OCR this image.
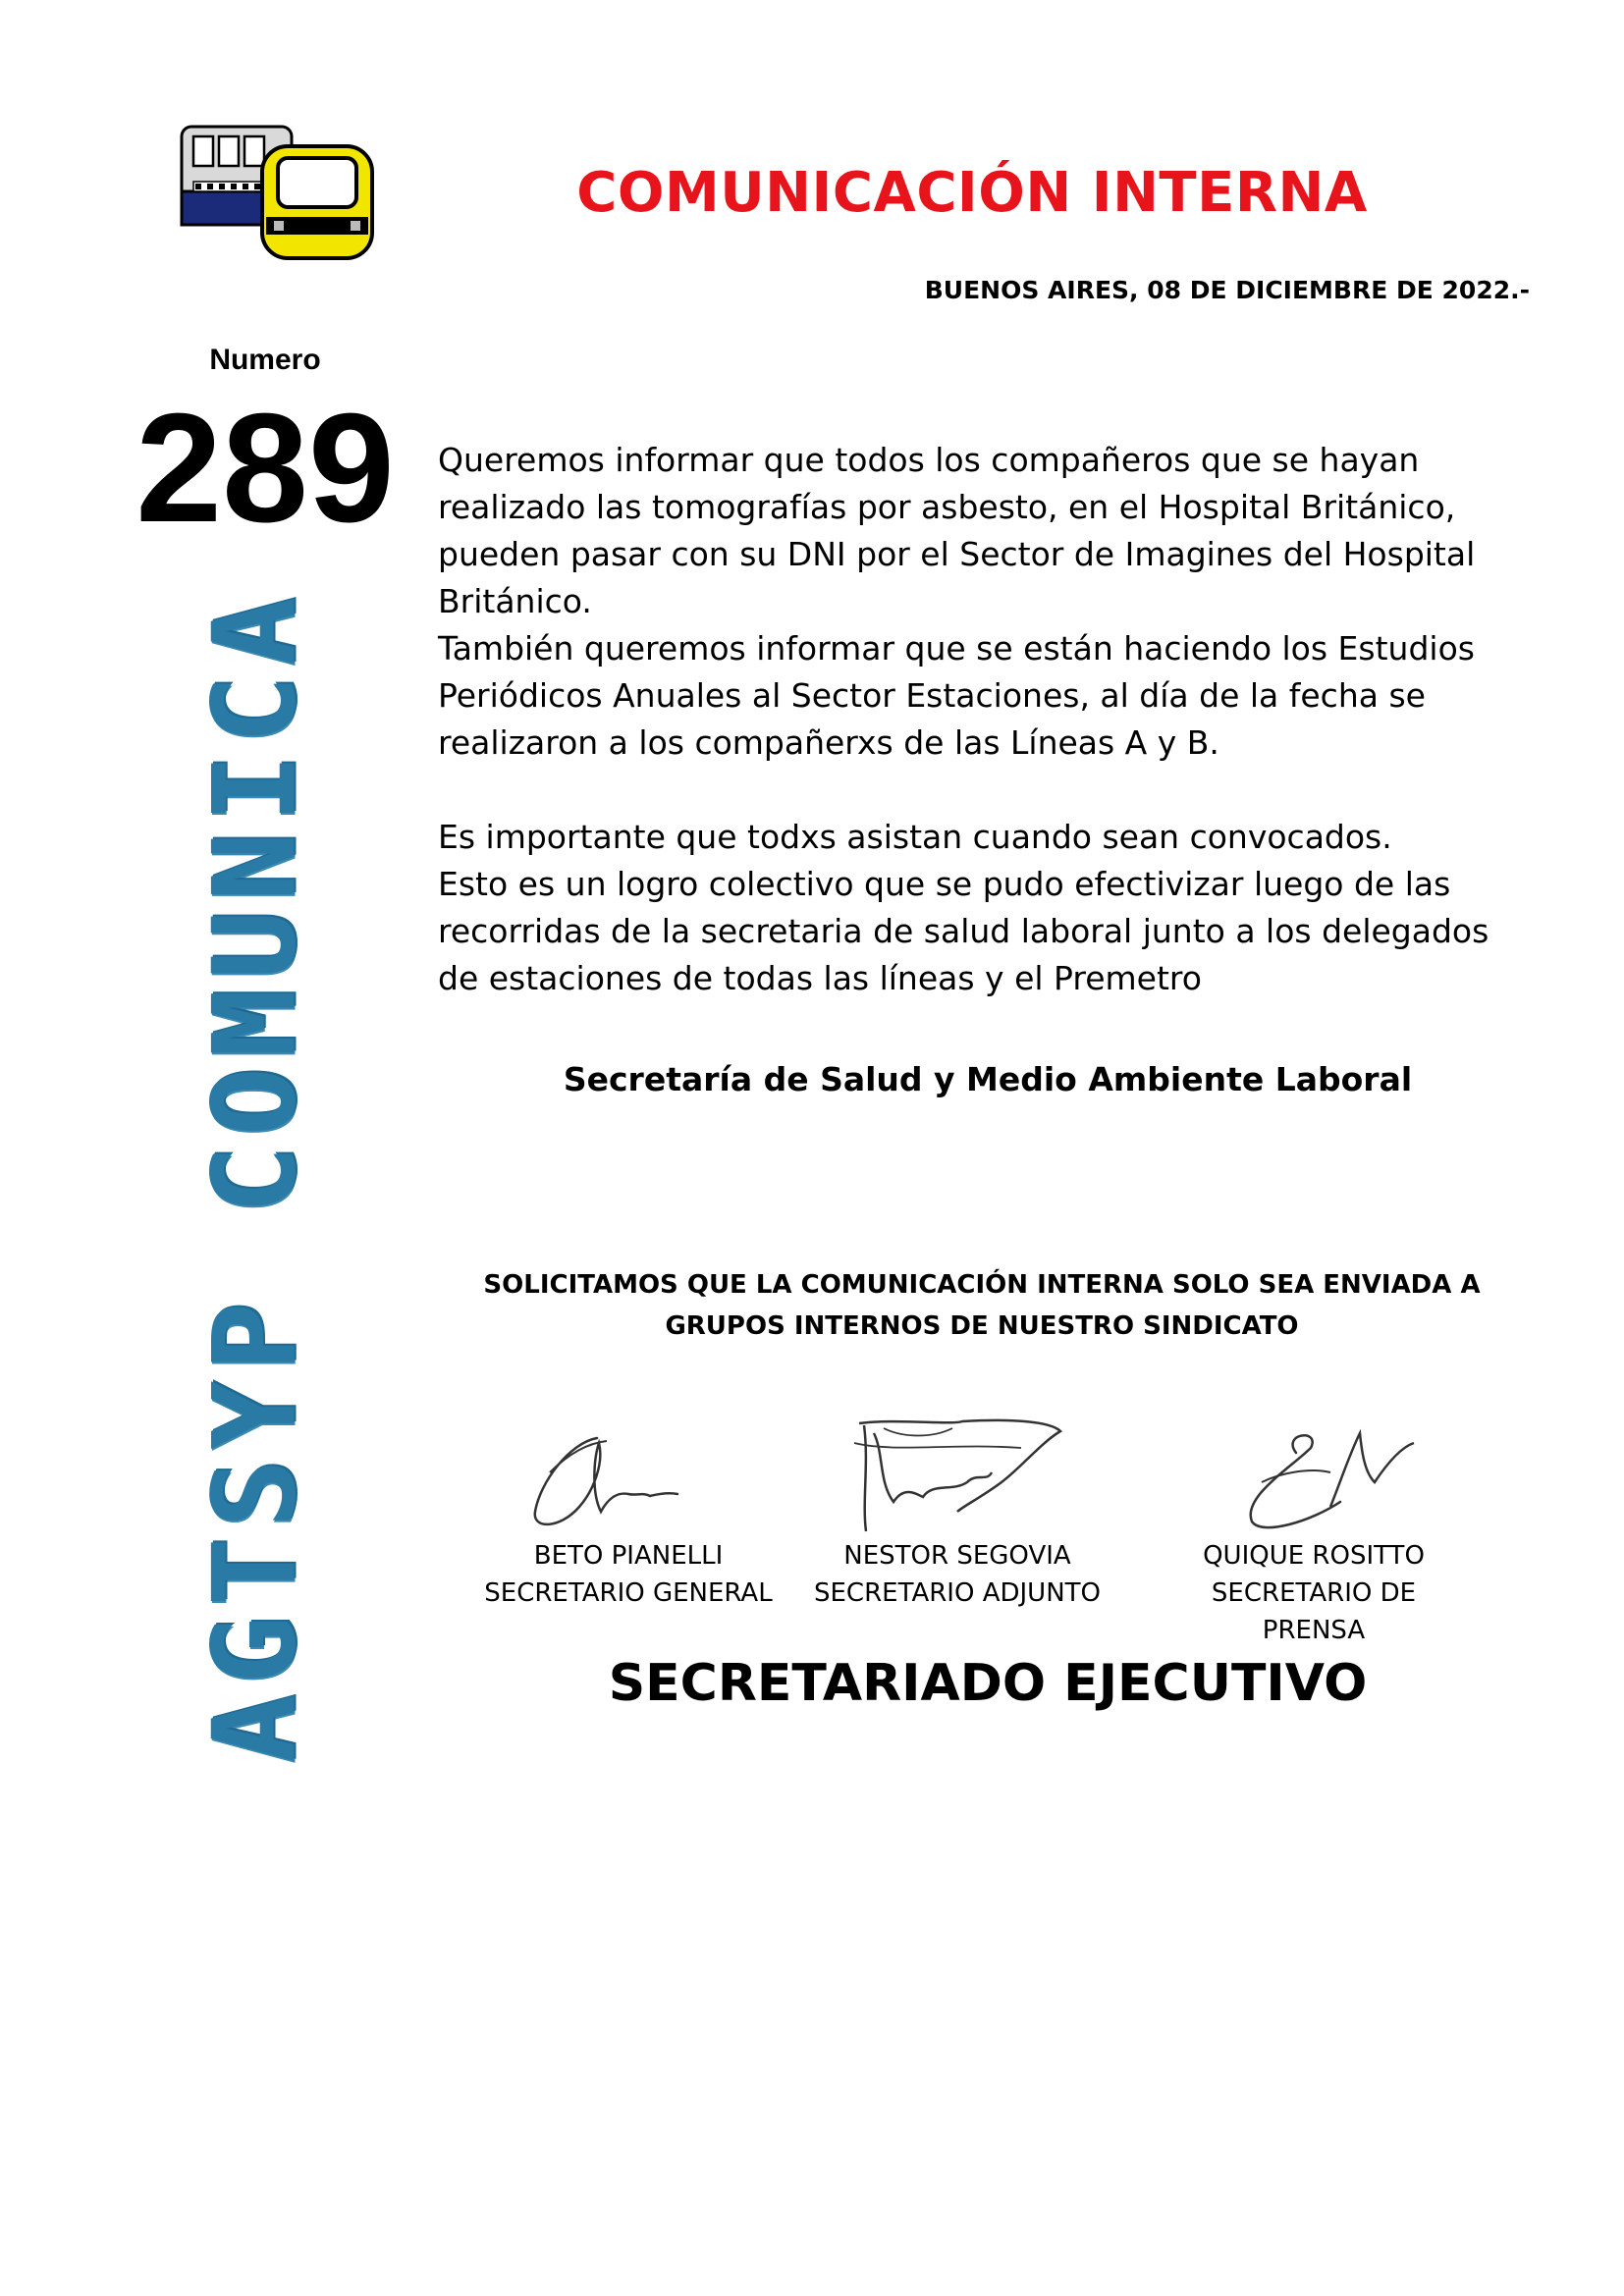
COMUNICACIÓN INTERNA
BUENOS AIRES, 08 DE DICIEMBRE DE 2022.-
Numero
289
AGTSYP COMUNICA

Queremos informar que todos los compañeros que se hayan realizado las tomografías por asbesto, en el Hospital Británico, pueden pasar con su DNI por el Sector de Imagines del Hospital Británico.

También queremos informar que se están haciendo los Estudios Periódicos Anuales al Sector Estaciones, al día de la fecha se realizaron a los compañerxs de las Líneas A y B.

Es importante que todxs asistan cuando sean convocados.

Esto es un logro colectivo que se pudo efectivizar luego de las recorridas de la secretaria de salud laboral junto a los delegados de estaciones de todas las líneas y el Premetro

Secretaría de Salud y Medio Ambiente Laboral
SOLICITAMOS QUE LA COMUNICACIÓN INTERNA SOLO SEA ENVIADA A
GRUPOS INTERNOS DE NUESTRO SINDICATO
BETO PIANELLI
SECRETARIO GENERAL
NESTOR SEGOVIA
SECRETARIO ADJUNTO
QUIQUE ROSITTO
SECRETARIO DE PRENSA
SECRETARIADO EJECUTIVO
